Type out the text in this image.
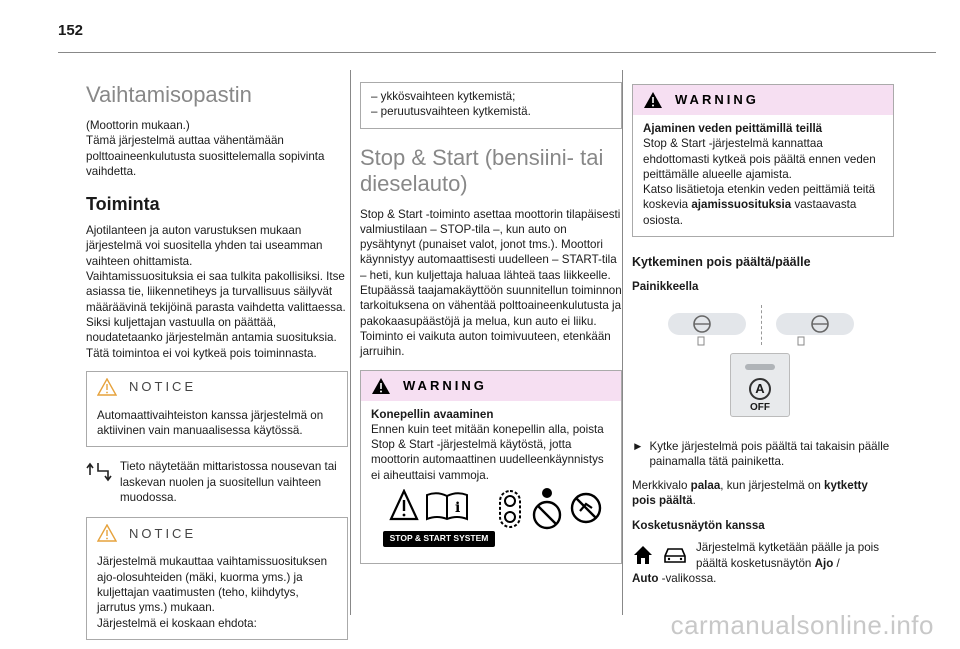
152
Vaihtamisopastin

(Moottorin mukaan.)
Tämä järjestelmä auttaa vähentämään polttoaineenkulutusta suosittelemalla sopivinta vaihdetta.

Toiminta

Ajotilanteen ja auton varustuksen mukaan järjestelmä voi suositella yhden tai useamman vaihteen ohittamista.
Vaihtamissuosituksia ei saa tulkita pakollisiksi. Itse asiassa tie, liikennetiheys ja turvallisuus säilyvät määräävinä tekijöinä parasta vaihdetta valittaessa. Siksi kuljettajan vastuulla on päättää, noudatetaanko järjestelmän antamia suosituksia.
Tätä toimintoa ei voi kytkeä pois toiminnasta.

NOTICE
Automaattivaihteiston kanssa järjestelmä on aktiivinen vain manuaalisessa käytössä.
Tieto näytetään mittaristossa nousevan tai laskevan nuolen ja suositellun vaihteen muodossa.
NOTICE
Järjestelmä mukauttaa vaihtamissuosituksen ajo-olosuhteiden (mäki, kuorma yms.) ja kuljettajan vaatimusten (teho, kiihdytys, jarrutus yms.) mukaan.
Järjestelmä ei koskaan ehdota:
– ykkösvaihteen kytkemistä;
– peruutusvaihteen kytkemistä.
Stop & Start (bensiini- tai dieselauto)

Stop & Start -toiminto asettaa moottorin tilapäisesti valmiustilaan – STOP-tila –, kun auto on pysähtynyt (punaiset valot, jonot tms.). Moottori käynnistyy automaattisesti uudelleen – START-tila – heti, kun kuljettaja haluaa lähteä taas liikkeelle.
Etupäässä taajamakäyttöön suunnitellun toiminnon tarkoituksena on vähentää polttoaineenkulutusta ja pakokaasupäästöjä ja melua, kun auto ei liiku.
Toiminto ei vaikuta auton toimivuuteen, etenkään jarruihin.

WARNING
Konepellin avaaminen
Ennen kuin teet mitään konepellin alla, poista Stop & Start -järjestelmä käytöstä, jotta moottorin automaattinen uudelleenkäynnistys ei aiheuttaisi vammoja.
i
STOP & START SYSTEM
WARNING
Ajaminen veden peittämillä teillä
Stop & Start -järjestelmä kannattaa ehdottomasti kytkeä pois päältä ennen veden peittämälle alueelle ajamista.
Katso lisätietoja etenkin veden peittämiä teitä koskevia ajamissuosituksia vastaavasta osiosta.
Kytkeminen pois päältä/päälle
Painikkeella
A
OFF
► Kytke järjestelmä pois päältä tai takaisin päälle painamalla tätä painiketta.

Merkkivalo palaa, kun järjestelmä on kytketty pois päältä.

Kosketusnäytön kanssa
Järjestelmä kytketään päälle ja pois päältä kosketusnäytön Ajo /

Auto -valikossa.

carmanualsonline.info
